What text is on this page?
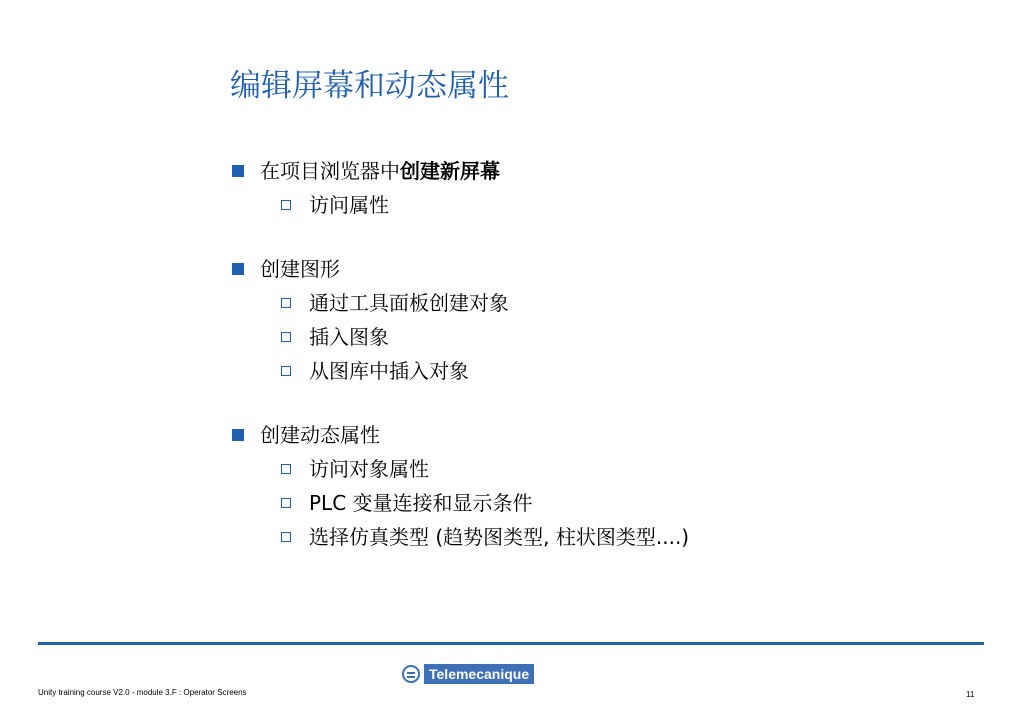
编辑屏幕和动态属性
在项目浏览器中创建新屏幕
访问属性
创建图形
通过工具面板创建对象
插入图象
从图库中插入对象
创建动态属性
访问对象属性
PLC 变量连接和显示条件
选择仿真类型 (趋势图类型, 柱状图类型....)
Telemecanique
Unity training course V2.0 - module 3.F : Operator Screens	11
